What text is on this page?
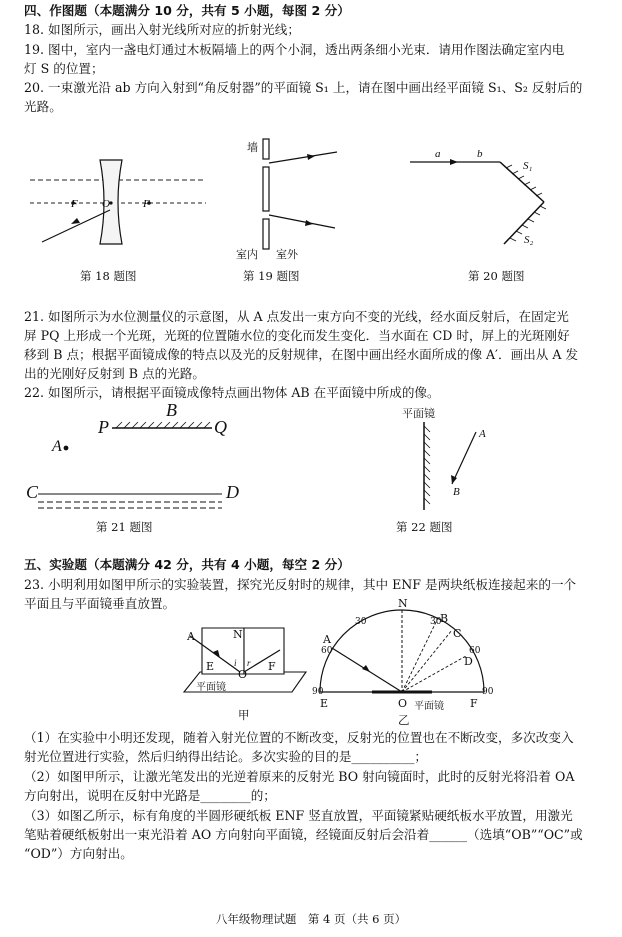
四、作图题（本题满分 10 分，共有 5 小题，每图 2 分）
18. 如图所示，画出入射光线所对应的折射光线；
19. 图中，室内一盏电灯通过木板隔墙上的两个小洞，透出两条细小光束．请用作图法确定室内电
灯 S 的位置；
20. 一束激光沿 ab 方向入射到“角反射器”的平面镜 S₁ 上，请在图中画出经平面镜 S₁、S₂ 反射后的
光路。
F O	F
第 18 题图
墙
室内 室外
第 19 题图
a	b
S₁
S₂
第 20 题图
21. 如图所示为水位测量仪的示意图，从 A 点发出一束方向不变的光线，经水面反射后，在固定光
屏 PQ 上形成一个光斑，光斑的位置随水位的变化而发生变化．当水面在 CD 时，屏上的光斑刚好
移到 B 点；根据平面镜成像的特点以及光的反射规律，在图中画出经水面所成的像 A′．画出从 A 发
出的光刚好反射到 B 点的光路。
22. 如图所示，请根据平面镜成像特点画出物体 AB 在平面镜中所成的像。
B
P	Q
A
C	D
第 21 题图
平面镜
A
B
第 22 题图
五、实验题（本题满分 42 分，共有 4 小题，每空 2 分）
23. 小明利用如图甲所示的实验装置，探究光反射时的规律，其中 ENF 是两块纸板连接起来的一个
平面且与平面镜垂直放置。
A	N
E i r
O
F
平面镜
甲
N
30	30
B
C
60	60
A
D
90	90
E	O 平面镜 F
乙
（1）在实验中小明还发现，随着入射光位置的不断改变，反射光的位置也在不断改变，多次改变入
射光位置进行实验，然后归纳得出结论。多次实验的目的是__________；
（2）如图甲所示，让激光笔发出的光逆着原来的反射光 BO 射向镜面时，此时的反射光将沿着 OA
方向射出，说明在反射中光路是________的；
（3）如图乙所示，标有角度的半圆形硬纸板 ENF 竖直放置，平面镜紧贴硬纸板水平放置，用激光
笔贴着硬纸板射出一束光沿着 AO 方向射向平面镜，经镜面反射后会沿着______（选填“OB”“OC”或
“OD”）方向射出。
八年级物理试题　第 4 页（共 6 页）
